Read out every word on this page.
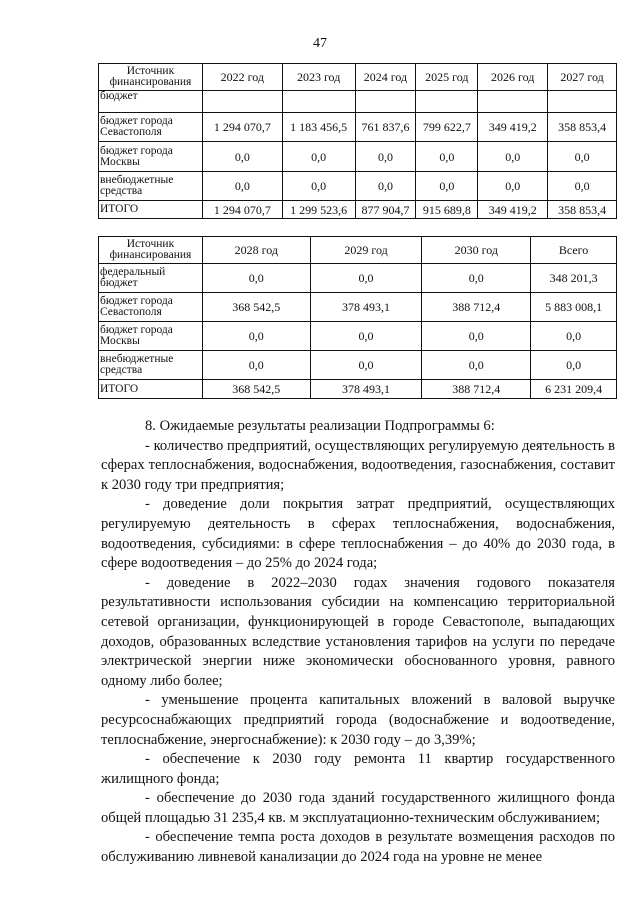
47
Источник финансирования	2022 год	2023 год	2024 год	2025 год	2026 год	2027 год
бюджет						
бюджет города Севастополя	1 294 070,7	1 183 456,5	761 837,6	799 622,7	349 419,2	358 853,4
бюджет города Москвы	0,0	0,0	0,0	0,0	0,0	0,0
внебюджетные средства	0,0	0,0	0,0	0,0	0,0	0,0
ИТОГО	1 294 070,7	1 299 523,6	877 904,7	915 689,8	349 419,2	358 853,4
Источник финансирования	2028 год	2029 год	2030 год	Всего
федеральный бюджет	0,0	0,0	0,0	348 201,3
бюджет города Севастополя	368 542,5	378 493,1	388 712,4	5 883 008,1
бюджет города Москвы	0,0	0,0	0,0	0,0
внебюджетные средства	0,0	0,0	0,0	0,0
ИТОГО	368 542,5	378 493,1	388 712,4	6 231 209,4

8. Ожидаемые результаты реализации Подпрограммы 6:

- количество предприятий, осуществляющих регулируемую деятельность в сферах теплоснабжения, водоснабжения, водоотведения, газоснабжения, составит к 2030 году три предприятия;

- доведение доли покрытия затрат предприятий, осуществляющих регулируемую деятельность в сферах теплоснабжения, водоснабжения, водоотведения, субсидиями: в сфере теплоснабжения – до 40% до 2030 года, в сфере водоотведения – до 25% до 2024 года;

- доведение в 2022–2030 годах значения годового показателя результативности использования субсидии на компенсацию территориальной сетевой организации, функционирующей в городе Севастополе, выпадающих доходов, образованных вследствие установления тарифов на услуги по передаче электрической энергии ниже экономически обоснованного уровня, равного одному либо более;

- уменьшение процента капитальных вложений в валовой выручке ресурсоснабжающих предприятий города (водоснабжение и водоотведение, теплоснабжение, энергоснабжение): к 2030 году – до 3,39%;

- обеспечение к 2030 году ремонта 11 квартир государственного жилищного фонда;

- обеспечение до 2030 года зданий государственного жилищного фонда общей площадью 31 235,4 кв. м эксплуатационно-техническим обслуживанием;

- обеспечение темпа роста доходов в результате возмещения расходов по обслуживанию ливневой канализации до 2024 года на уровне не менее
